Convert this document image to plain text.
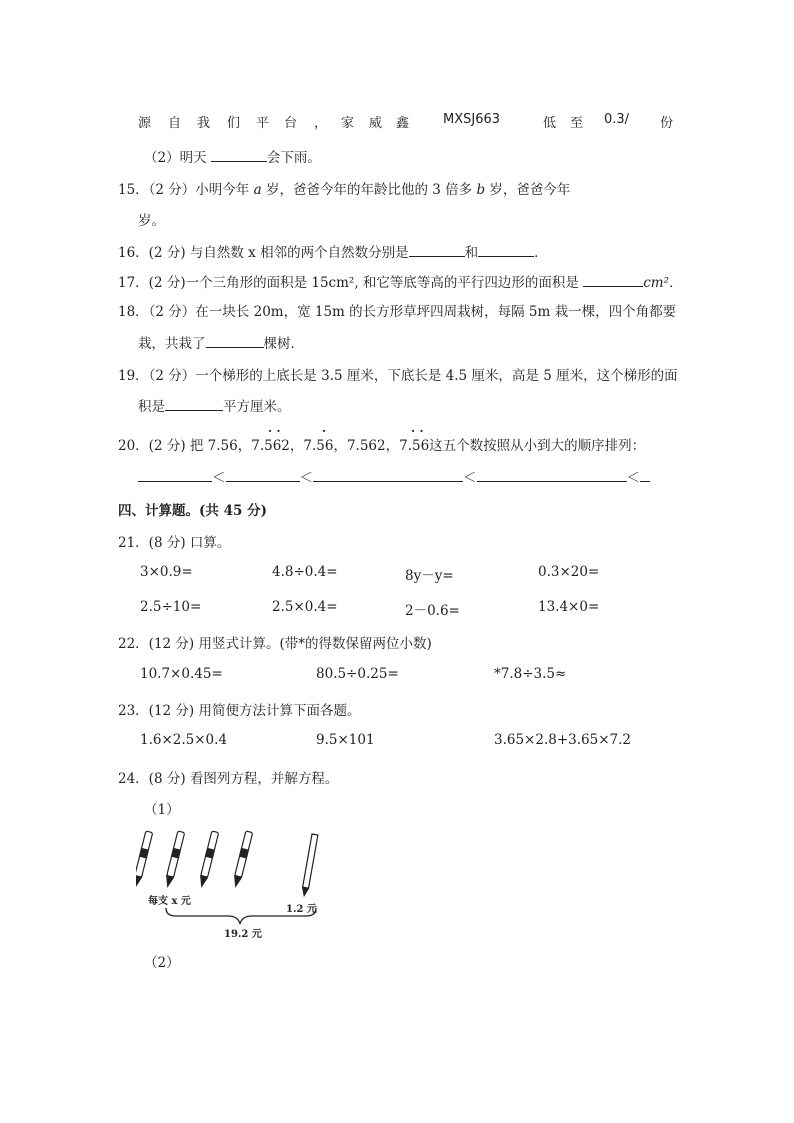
源 自 我 们 平 台 ， 家 威 鑫	MXSJ663	低 至 0.3/ 份
（2）明天	会下雨。
15．（2 分）小明今年 a 岁，爸爸今年的年龄比他的 3 倍多 b 岁，爸爸今年
岁。
16．(2 分) 与自然数 x 相邻的两个自然数分别是	和	．
17．(2 分)一个三角形的面积是 15cm², 和它等底等高的平行四边形的面积是	cm²．
18．（2 分）在一块长 20m，宽 15m 的长方形草坪四周栽树，每隔 5m 栽一棵，四个角都要
栽，共栽了	棵树．
19．（2 分）一个梯形的上底长是 3.5 厘米，下底长是 4.5 厘米，高是 5 厘米，这个梯形的面
积是	平方厘米。
20．(2 分) 把 7.56，7.562，7.56，7.562，7.56这五个数按照从小到大的顺序排列：
· ·	·	· ·
＜	＜	＜	＜
四、计算题。(共 45 分)
21．(8 分) 口算。
3×0.9=	4.8÷0.4=	8y－y=	0.3×20=
2.5÷10=	2.5×0.4=	2－0.6=	13.4×0=
22．(12 分) 用竖式计算。(带*的得数保留两位小数)
10.7×0.45=	80.5÷0.25=	*7.8÷3.5≈
23．(12 分) 用简便方法计算下面各题。
1.6×2.5×0.4	9.5×101	3.65×2.8+3.65×7.2
24．(8 分) 看图列方程，并解方程。
（1）
每支 x 元
1.2 元
19.2 元
（2）
